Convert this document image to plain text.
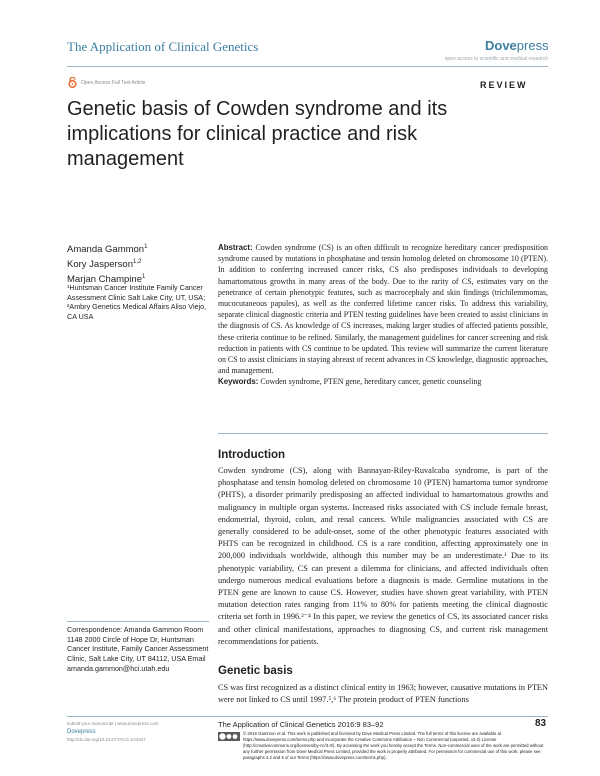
The Application of Clinical Genetics	Dovepress
open access to scientific and medical research
Open Access Full Text Article	REVIEW
Genetic basis of Cowden syndrome and its implications for clinical practice and risk management
Amanda Gammon$^1$
Kory Jasperson$^{1,2}$
Marjan Champine$^1$
¹Huntsman Cancer Institute Family Cancer Assessment Clinic Salt Lake City, UT, USA; ²Ambry Genetics Medical Affairs Aliso Viejo, CA USA
Abstract: Cowden syndrome (CS) is an often difficult to recognize hereditary cancer predisposition syndrome caused by mutations in phosphatase and tensin homolog deleted on chromosome 10 (PTEN). In addition to conferring increased cancer risks, CS also predisposes individuals to developing hamartomatous growths in many areas of the body. Due to the rarity of CS, estimates vary on the penetrance of certain phenotypic features, such as macrocephaly and skin findings (trichilemmomas, mucocutaneous papules), as well as the conferred lifetime cancer risks. To address this variability, separate clinical diagnostic criteria and PTEN testing guidelines have been created to assist clinicians in the diagnosis of CS. As knowledge of CS increases, making larger studies of affected patients possible, these criteria continue to be refined. Similarly, the management guidelines for cancer screening and risk reduction in patients with CS continue to be updated. This review will summarize the current literature on CS to assist clinicians in staying abreast of recent advances in CS knowledge, diagnostic approaches, and management.
Keywords: Cowden syndrome, PTEN gene, hereditary cancer, genetic counseling
Introduction
Cowden syndrome (CS), along with Bannayan-Riley-Ruvalcaba syndrome, is part of the phosphatase and tensin homolog deleted on chromosome 10 (PTEN) hamartoma tumor syndrome (PHTS), a disorder primarily predisposing an affected individual to hamartomatous growths and malignancy in multiple organ systems. Increased risks associated with CS include female breast, endometrial, thyroid, colon, and renal cancers. While malignancies associated with CS are generally considered to be adult-onset, some of the other phenotypic features associated with PHTS can be recognized in childhood. CS is a rare condition, affecting approximately one in 200,000 individuals worldwide, although this number may be an underestimate.¹ Due to its phenotypic variability, CS can present a dilemma for clinicians, and affected individuals often undergo numerous medical evaluations before a diagnosis is made. Germline mutations in the PTEN gene are known to cause CS. However, studies have shown great variability, with PTEN mutation detection rates ranging from 11% to 80% for patients meeting the clinical diagnostic criteria set forth in 1996.²⁻⁴ In this paper, we review the genetics of CS, its associated cancer risks and other clinical manifestations, approaches to diagnosing CS, and current risk management recommendations for patients.
Genetic basis
CS was first recognized as a distinct clinical entity in 1963; however, causative mutations in PTEN were not linked to CS until 1997.⁵,⁶ The protein product of PTEN functions
Correspondence: Amanda Gammon Room 1148 2000 Circle of Hope Dr, Huntsman Cancer Institute, Family Cancer Assessment Clinic, Salt Lake City, UT 84112, USA Email amanda.gammon@hci.utah.edu
submit your manuscript | www.dovepress.com
Dovepress
http://dx.doi.org/10.2147/TACG.S41947
The Application of Clinical Genetics 2016:9 83–92	83
© 2016 Gammon et al. This work is published and licensed by Dove Medical Press Limited. The full terms of this license are available at https://www.dovepress.com/terms.php and incorporate the Creative Commons Attribution – Non Commercial (unported, v3.0) License (http://creativecommons.org/licenses/by-nc/3.0/). By accessing the work you hereby accept the Terms. Non-commercial uses of the work are permitted without any further permission from Dove Medical Press Limited, provided the work is properly attributed. For permission for commercial use of this work, please see paragraphs 4.2 and 5 of our Terms (https://www.dovepress.com/terms.php).
